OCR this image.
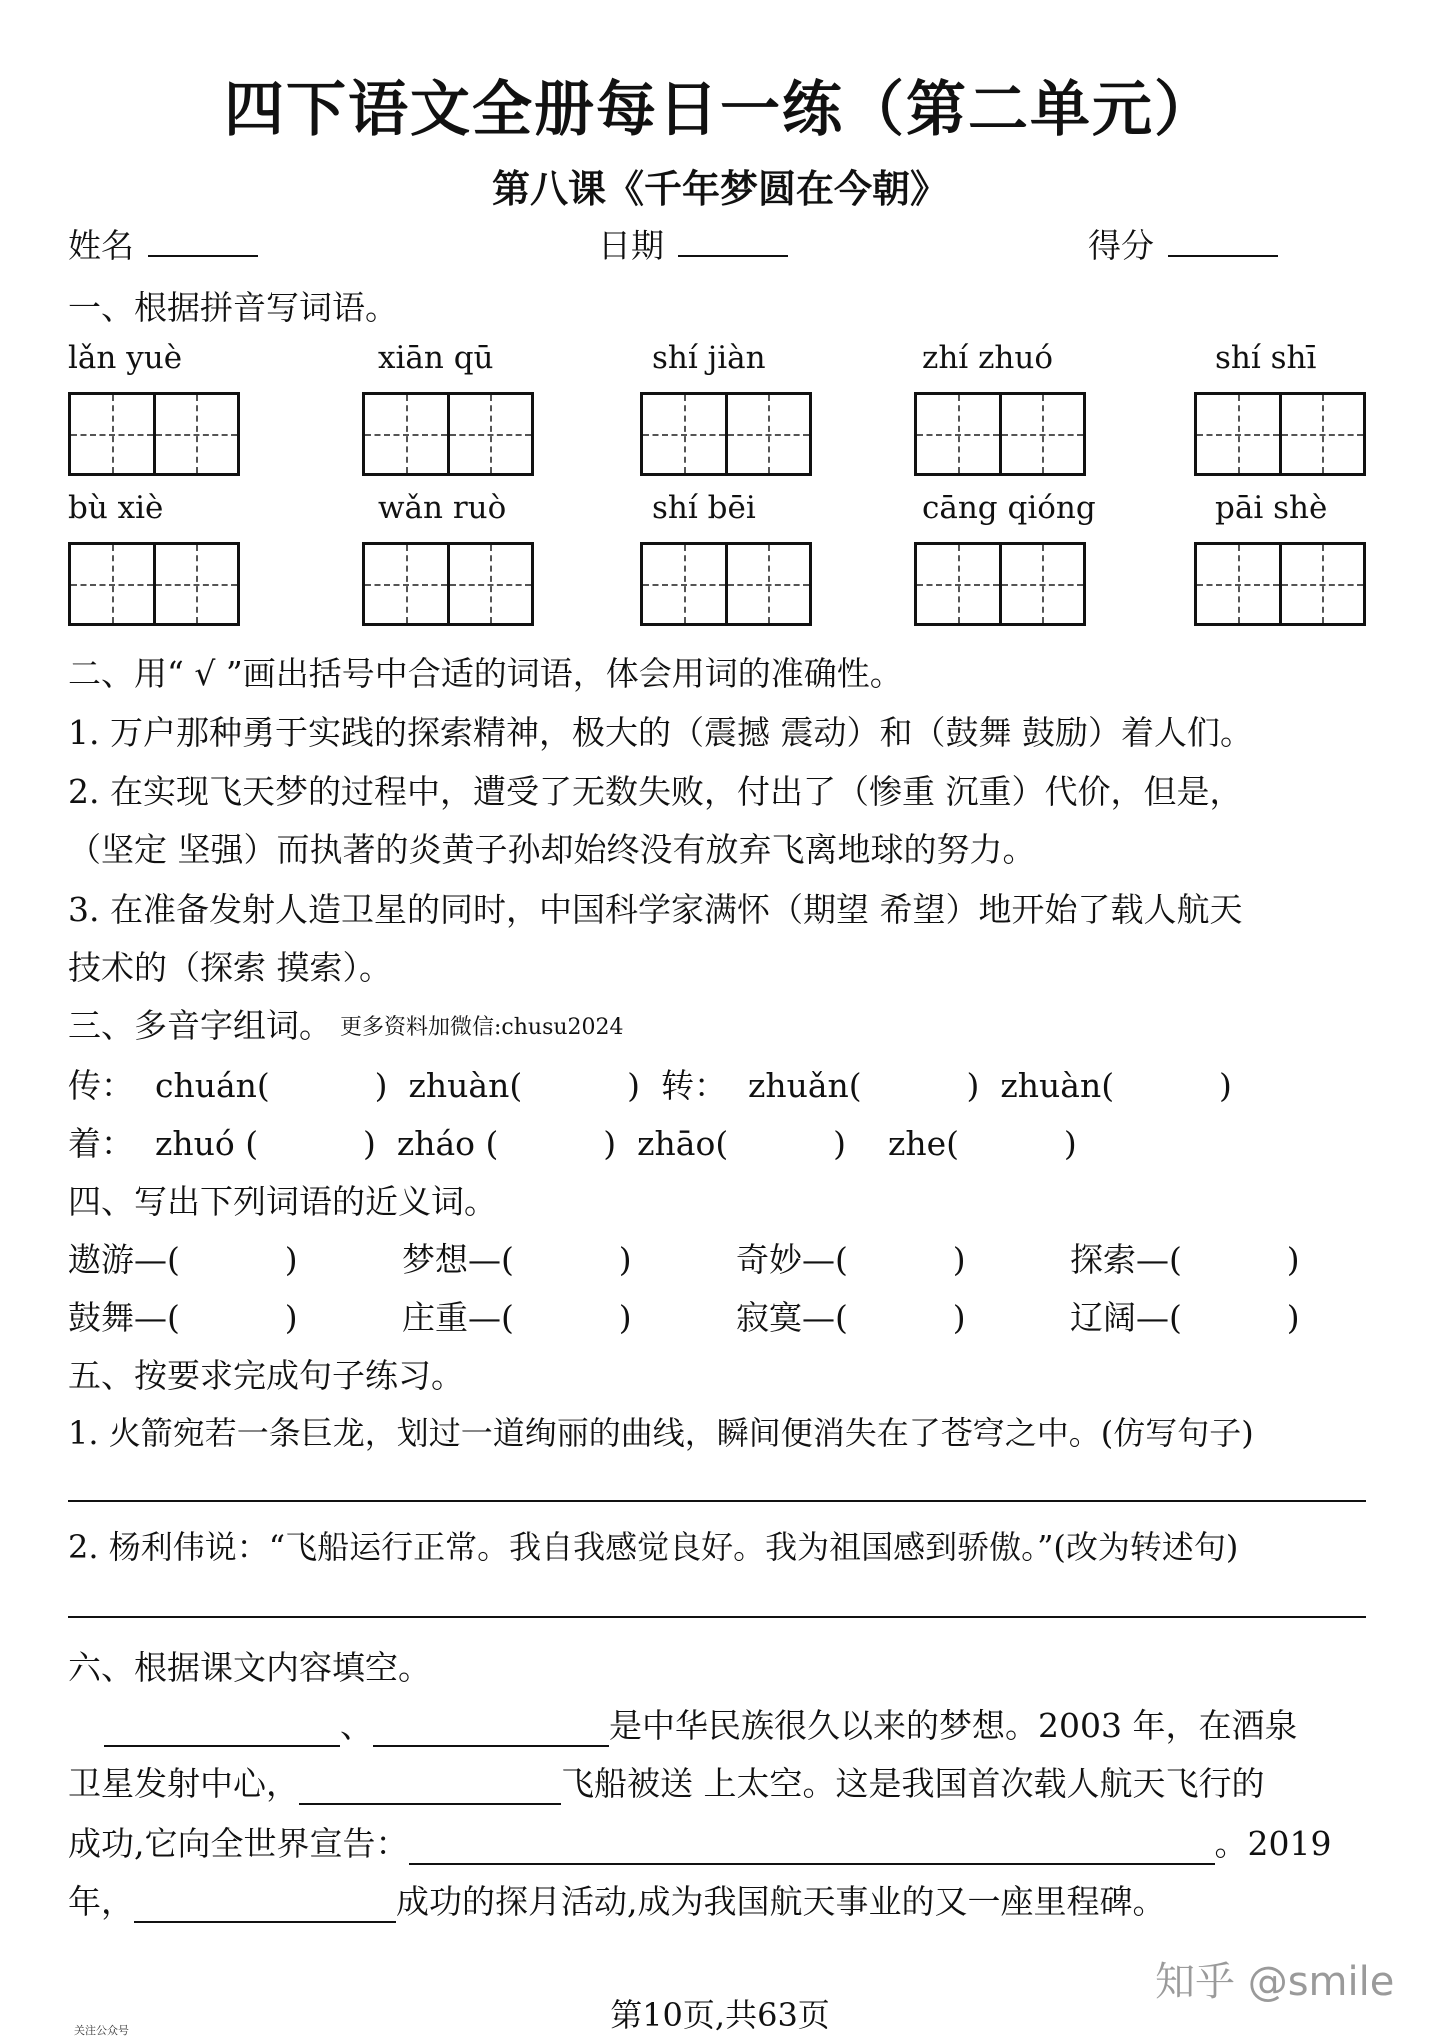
四下语文全册每日一练（第二单元）
第八课《千年梦圆在今朝》
姓名	日期	得分
一、根据拼音写词语。
lǎn yuè	xiān qū	shí jiàn	zhí zhuó	shí shī
bù xiè	wǎn ruò	shí bēi	cāng qióng	pāi shè
二、用“ √ ”画出括号中合适的词语，体会用词的准确性。
1. 万户那种勇于实践的探索精神，极大的（震撼 震动）和（鼓舞 鼓励）着人们。
2. 在实现飞天梦的过程中，遭受了无数失败，付出了（惨重 沉重）代价，但是，
（坚定 坚强）而执著的炎黄子孙却始终没有放弃飞离地球的努力。
3. 在准备发射人造卫星的同时，中国科学家满怀（期望 希望）地开始了载人航天
技术的（探索 摸索）。
三、多音字组词。 更多资料加微信:chusu2024
传：  chuán(          )  zhuàn(          )  转：  zhuǎn(          )  zhuàn(          )
着：  zhuó (          )  zháo (          )  zhāo(          )    zhe(          )
四、写出下列词语的近义词。
遨游—(          )	梦想—(          )	奇妙—(          )	探索—(          )
鼓舞—(          )	庄重—(          )	寂寞—(          )	辽阔—(          )
五、按要求完成句子练习。
1. 火箭宛若一条巨龙，划过一道绚丽的曲线，瞬间便消失在了苍穹之中。(仿写句子)
2. 杨利伟说：“飞船运行正常。我自我感觉良好。我为祖国感到骄傲。”(改为转述句)
六、根据课文内容填空。
、	是中华民族很久以来的梦想。2003 年，在酒泉
卫星发射中心，	飞船被送 上太空。这是我国首次载人航天飞行的
成功,它向全世界宣告：	。2019
年，	成功的探月活动,成为我国航天事业的又一座里程碑。
知乎 @smile
第10页,共63页
关注公众号
